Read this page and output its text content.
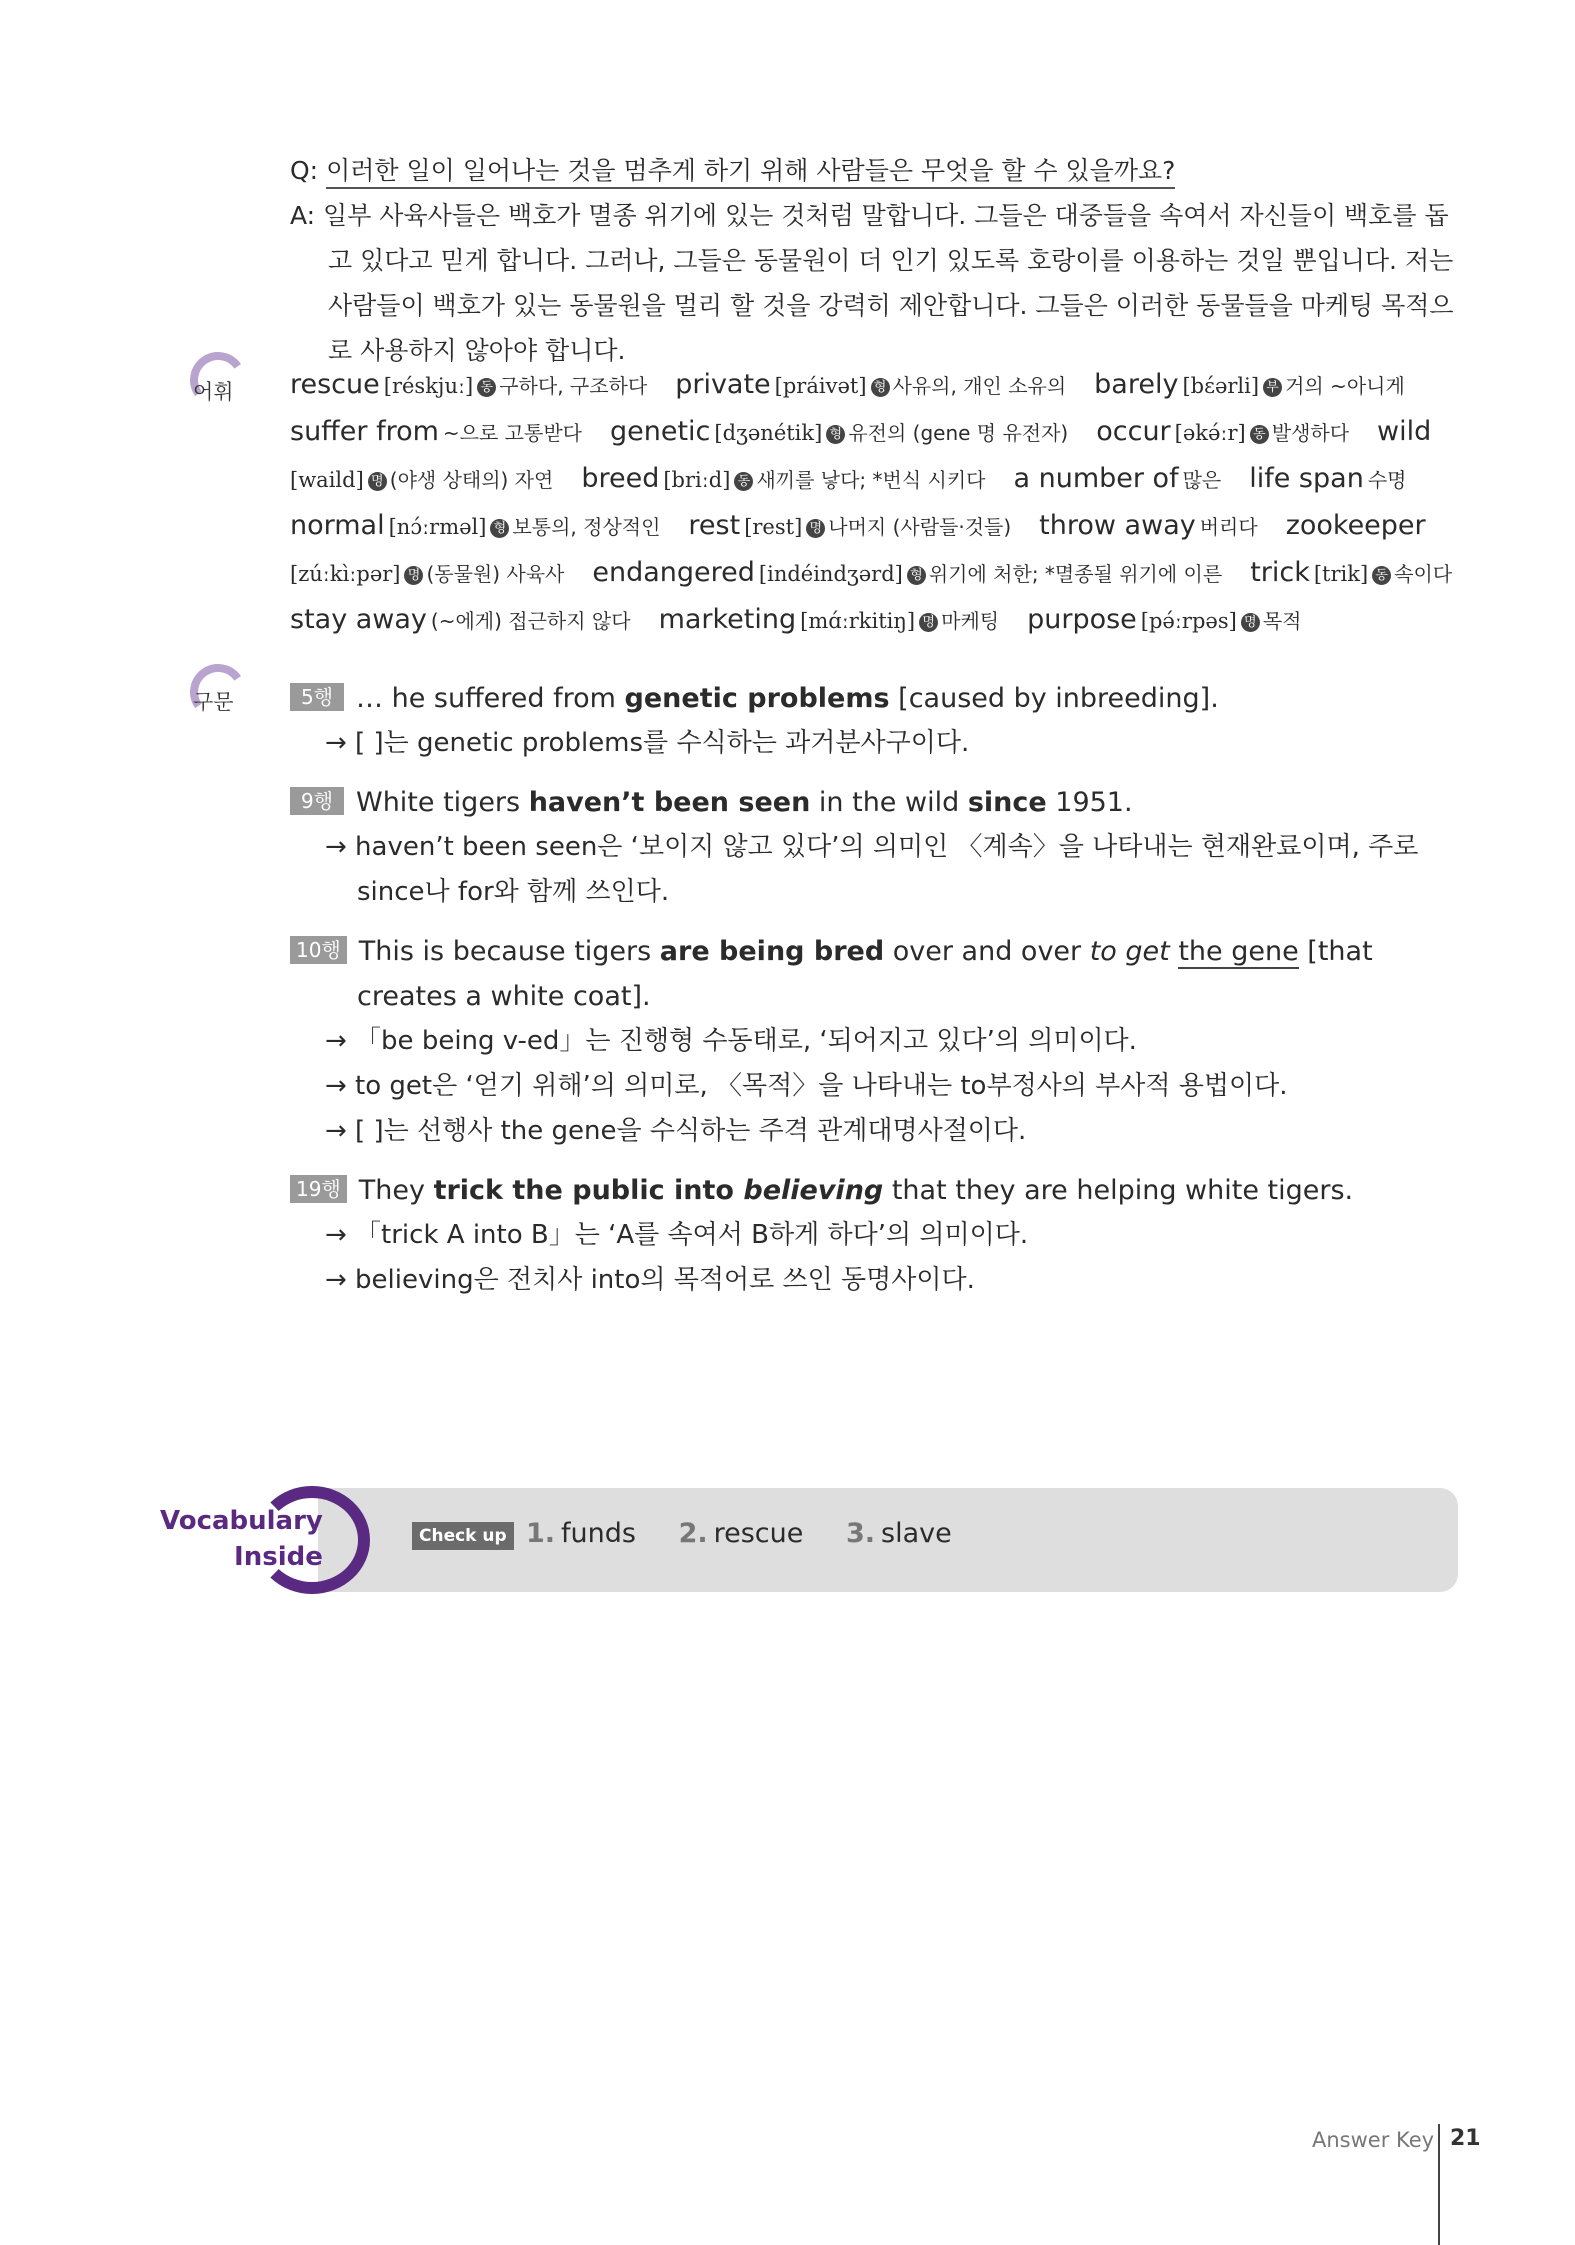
Q: 이러한 일이 일어나는 것을 멈추게 하기 위해 사람들은 무엇을 할 수 있을까요?
A: 일부 사육사들은 백호가 멸종 위기에 있는 것처럼 말합니다. 그들은 대중들을 속여서 자신들이 백호를 돕고 있다고 믿게 합니다. 그러나, 그들은 동물원이 더 인기 있도록 호랑이를 이용하는 것일 뿐입니다. 저는 사람들이 백호가 있는 동물원을 멀리 할 것을 강력히 제안합니다. 그들은 이러한 동물들을 마케팅 목적으로 사용하지 않아야 합니다.
어휘 rescue [réskjuː] 동 구하다, 구조하다 private [práivət] 형 사유의, 개인 소유의 barely [bɛ́ərli] 부 거의 ~아니게
suffer from ~으로 고통받다 genetic [dʒənétik] 형 유전의 (gene 명 유전자) occur [əkə́ːr] 동 발생하다 wild
[waild] 명 (야생 상태의) 자연 breed [briːd] 동 새끼를 낳다; *번식 시키다 a number of 많은 life span 수명
normal [nɔ́ːrməl] 형 보통의, 정상적인 rest [rest] 명 나머지 (사람들·것들) throw away 버리다 zookeeper
[zúːkìːpər] 명 (동물원) 사육사 endangered [indéindʒərd] 형 위기에 처한; *멸종될 위기에 이른 trick [trik] 동 속이다
stay away (~에게) 접근하지 않다 marketing [mɑ́ːrkitiŋ] 명 마케팅 purpose [pə́ːrpəs] 명 목적
구문	5행 … he suffered from genetic problems [caused by inbreeding].
→ [ ]는 genetic problems를 수식하는 과거분사구이다.
9행 White tigers haven’t been seen in the wild since 1951.
→ haven’t been seen은 ‘보이지 않고 있다’의 의미인 〈계속〉을 나타내는 현재완료이며, 주로 since나 for와 함께 쓰인다.
10행 This is because tigers are being bred over and over to get the gene [that creates a white coat].
→ 「be being v-ed」는 진행형 수동태로, ‘되어지고 있다’의 의미이다.
→ to get은 ‘얻기 위해’의 의미로, 〈목적〉을 나타내는 to부정사의 부사적 용법이다.
→ [ ]는 선행사 the gene을 수식하는 주격 관계대명사절이다.
19행 They trick the public into believing that they are helping white tigers.
→ 「trick A into B」는 ‘A를 속여서 B하게 하다’의 의미이다.
→ believing은 전치사 into의 목적어로 쓰인 동명사이다.
Vocabulary
Inside
Check up 1. funds 2. rescue 3. slave
Answer Key 21
